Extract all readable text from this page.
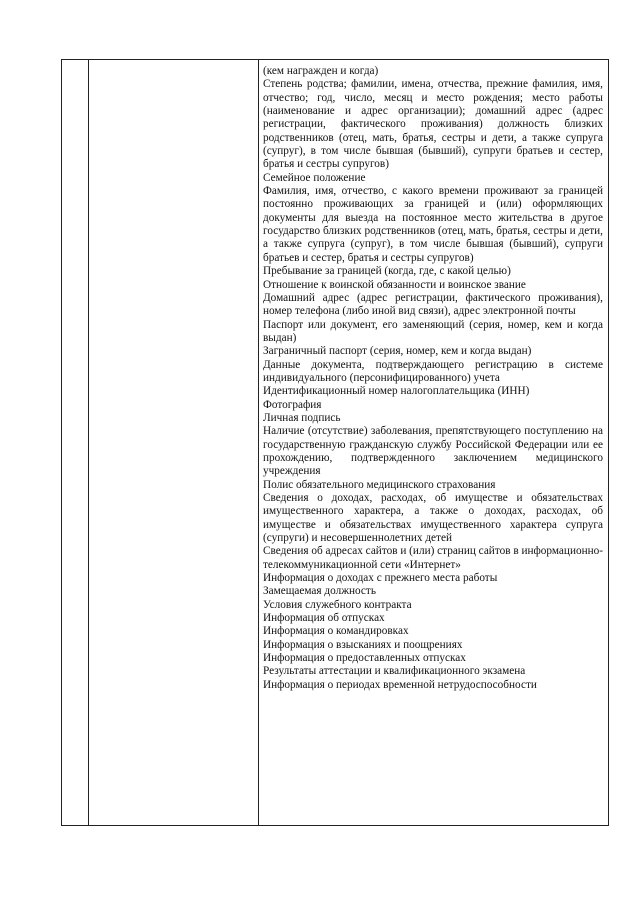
(кем награжден и когда)

Степень родства; фамилии, имена, отчества, прежние фамилия, имя, отчество; год, число, месяц и место рождения; место работы (наименование и адрес организации); домашний адрес (адрес регистрации, фактического проживания) должность близких родственников (отец, мать, братья, сестры и дети, а также супруга (супруг), в том числе бывшая (бывший), супруги братьев и сестер, братья и сестры супругов)

Семейное положение

Фамилия, имя, отчество, с какого времени проживают за границей постоянно проживающих за границей и (или) оформляющих документы для выезда на постоянное место жительства в другое государство близких родственников (отец, мать, братья, сестры и дети, а также супруга (супруг), в том числе бывшая (бывший), супруги братьев и сестер, братья и сестры супругов)

Пребывание за границей (когда, где, с какой целью)

Отношение к воинской обязанности и воинское звание

Домашний адрес (адрес регистрации, фактического проживания), номер телефона (либо иной вид связи), адрес электронной почты

Паспорт или документ, его заменяющий (серия, номер, кем и когда выдан)

Заграничный паспорт (серия, номер, кем и когда выдан)

Данные документа, подтверждающего регистрацию в системе индивидуального (персонифицированного) учета

Идентификационный номер налогоплательщика (ИНН)

Фотография

Личная подпись

Наличие (отсутствие) заболевания, препятствующего поступлению на государственную гражданскую службу Российской Федерации или ее прохождению, подтвержденного заключением медицинского учреждения

Полис обязательного медицинского страхования

Сведения о доходах, расходах, об имуществе и обязательствах имущественного характера, а также о доходах, расходах, об имуществе и обязательствах имущественного характера супруга (супруги) и несовершеннолетних детей

Сведения об адресах сайтов и (или) страниц сайтов в информационно-телекоммуникационной сети «Интернет»

Информация о доходах с прежнего места работы

Замещаемая должность

Условия служебного контракта

Информация об отпусках

Информация о командировках

Информация о взысканиях и поощрениях

Информация о предоставленных отпусках

Результаты аттестации и квалификационного экзамена

Информация о периодах временной нетрудоспособности
